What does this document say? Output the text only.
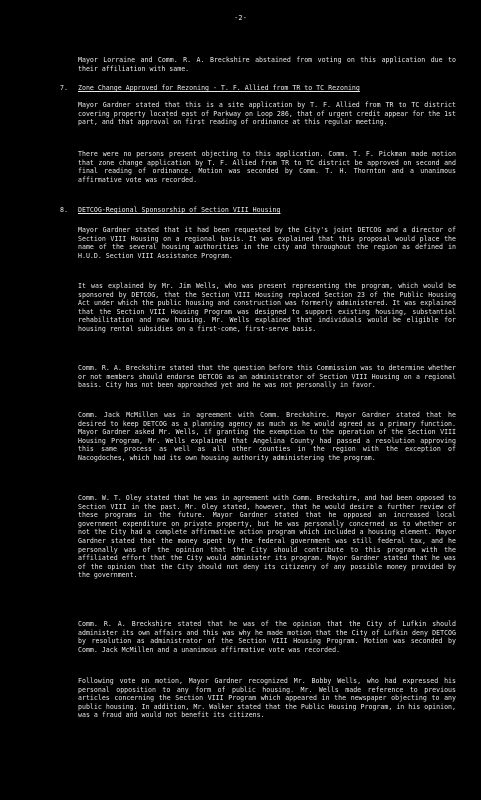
-2-
Mayor Lorraine and Comm. R. A. Breckshire abstained from voting on this application due to their affiliation with same.
7. Zone Change Approved for Rezoning - T. F. Allied from TR to TC Rezoning
Mayor Gardner stated that this is a site application by T. F. Allied from TR to TC district covering property located east of Parkway on Loop 286, that of urgent credit appear for the 1st part, and that approval on first reading of ordinance at this regular meeting.
There were no persons present objecting to this application. Comm. T. F. Pickman made motion that zone change application by T. F. Allied from TR to TC district be approved on second and final reading of ordinance. Motion was seconded by Comm. T. H. Thornton and a unanimous affirmative vote was recorded.
8. DETCOG-Regional Sponsorship of Section VIII Housing
Mayor Gardner stated that it had been requested by the City's joint DETCOG and a director of Section VIII Housing on a regional basis. It was explained that this proposal would place the name of the several housing authorities in the city and throughout the region as defined in H.U.D. Section VIII Assistance Program.
It was explained by Mr. Jim Wells, who was present representing the program, which would be sponsored by DETCOG, that the Section VIII Housing replaced Section 23 of the Public Housing Act under which the public housing and construction was formerly administered. It was explained that the Section VIII Housing Program was designed to support existing housing, substantial rehabilitation and new housing. Mr. Wells explained that individuals would be eligible for housing rental subsidies on a first-come, first-serve basis.
Comm. R. A. Breckshire stated that the question before this Commission was to determine whether or not members should endorse DETCOG as an administrator of Section VIII Housing on a regional basis. City has not been approached yet and he was not personally in favor.
Comm. Jack McMillen was in agreement with Comm. Breckshire. Mayor Gardner stated that he desired to keep DETCOG as a planning agency as much as he would agreed as a primary function. Mayor Gardner asked Mr. Wells, if granting the exemption to the operation of the Section VIII Housing Program, Mr. Wells explained that Angelina County had passed a resolution approving this same process as well as all other counties in the region with the exception of Nacogdoches, which had its own housing authority administering the program.
Comm. W. T. Oley stated that he was in agreement with Comm. Breckshire, and had been opposed to Section VIII in the past. Mr. Oley stated, however, that he would desire a further review of these programs in the future. Mayor Gardner stated that he opposed an increased local government expenditure on private property, but he was personally concerned as to whether or not the City had a complete affirmative action program which included a housing element. Mayor Gardner stated that the money spent by the federal government was still federal tax, and he personally was of the opinion that the City should contribute to this program with the affiliated effort that the City would administer its program. Mayor Gardner stated that he was of the opinion that the City should not deny its citizenry of any possible money provided by the government.
Comm. R. A. Breckshire stated that he was of the opinion that the City of Lufkin should administer its own affairs and this was why he made motion that the City of Lufkin deny DETCOG by resolution as administrator of the Section VIII Housing Program. Motion was seconded by Comm. Jack McMillen and a unanimous affirmative vote was recorded.
Following vote on motion, Mayor Gardner recognized Mr. Bobby Wells, who had expressed his personal opposition to any form of public housing. Mr. Wells made reference to previous articles concerning the Section VIII Program which appeared in the newspaper objecting to any public housing. In addition, Mr. Walker stated that the Public Housing Program, in his opinion, was a fraud and would not benefit its citizens.
